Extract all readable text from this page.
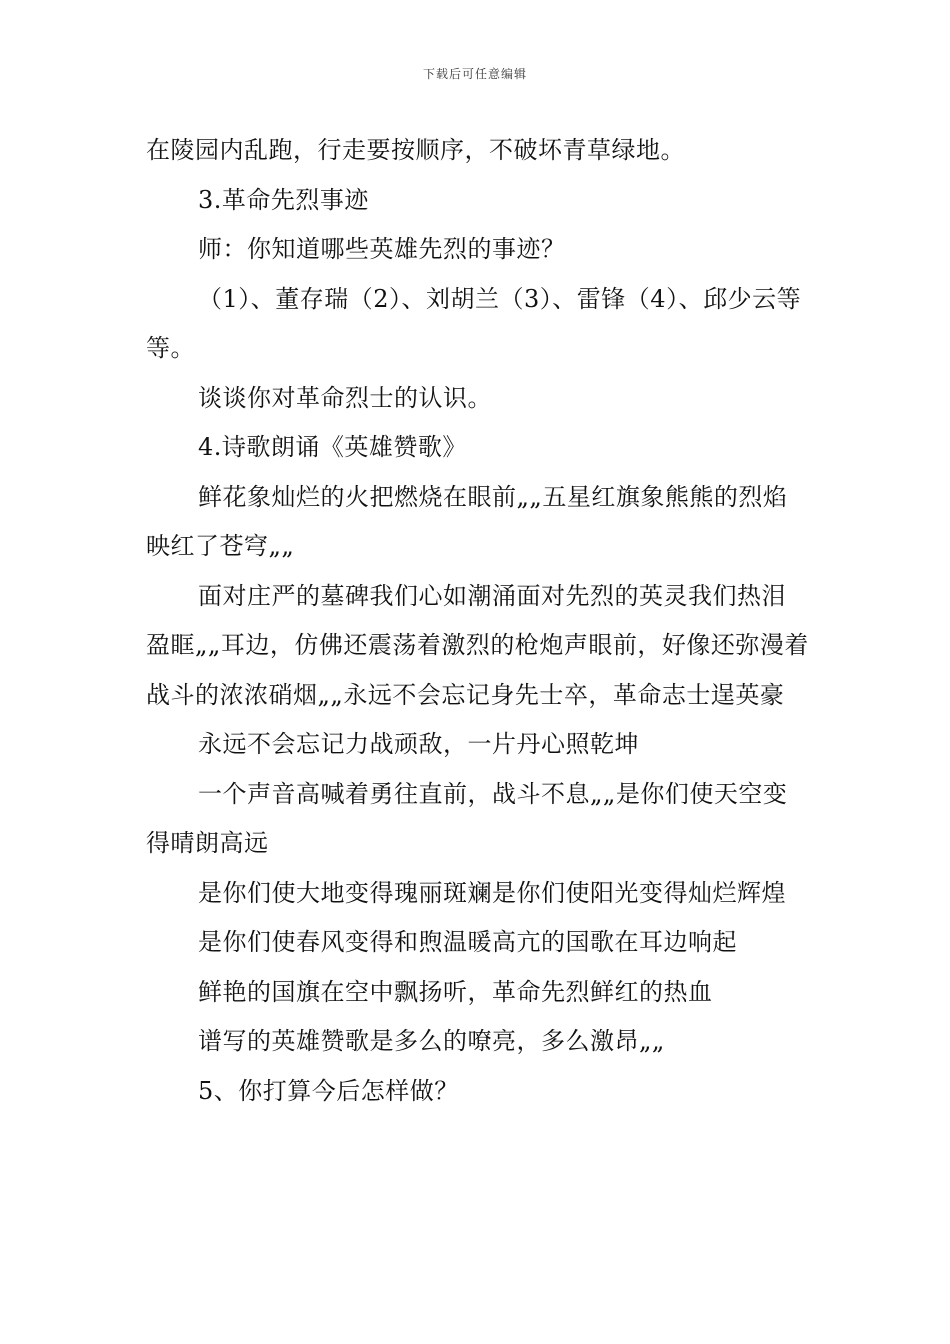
下载后可任意编辑

在陵园内乱跑，行走要按顺序，不破坏青草绿地。

3.革命先烈事迹

师：你知道哪些英雄先烈的事迹？

（1）、董存瑞（2）、刘胡兰（3）、雷锋（4）、邱少云等等。

谈谈你对革命烈士的认识。

4.诗歌朗诵《英雄赞歌》

鲜花象灿烂的火把燃烧在眼前„„五星红旗象熊熊的烈焰映红了苍穹„„

面对庄严的墓碑我们心如潮涌面对先烈的英灵我们热泪盈眶„„耳边，仿佛还震荡着激烈的枪炮声眼前，好像还弥漫着战斗的浓浓硝烟„„永远不会忘记身先士卒，革命志士逞英豪

永远不会忘记力战顽敌，一片丹心照乾坤

一个声音高喊着勇往直前，战斗不息„„是你们使天空变得晴朗高远

是你们使大地变得瑰丽斑斓是你们使阳光变得灿烂辉煌

是你们使春风变得和煦温暖高亢的国歌在耳边响起

鲜艳的国旗在空中飘扬听，革命先烈鲜红的热血

谱写的英雄赞歌是多么的嘹亮，多么激昂„„

5、你打算今后怎样做？
